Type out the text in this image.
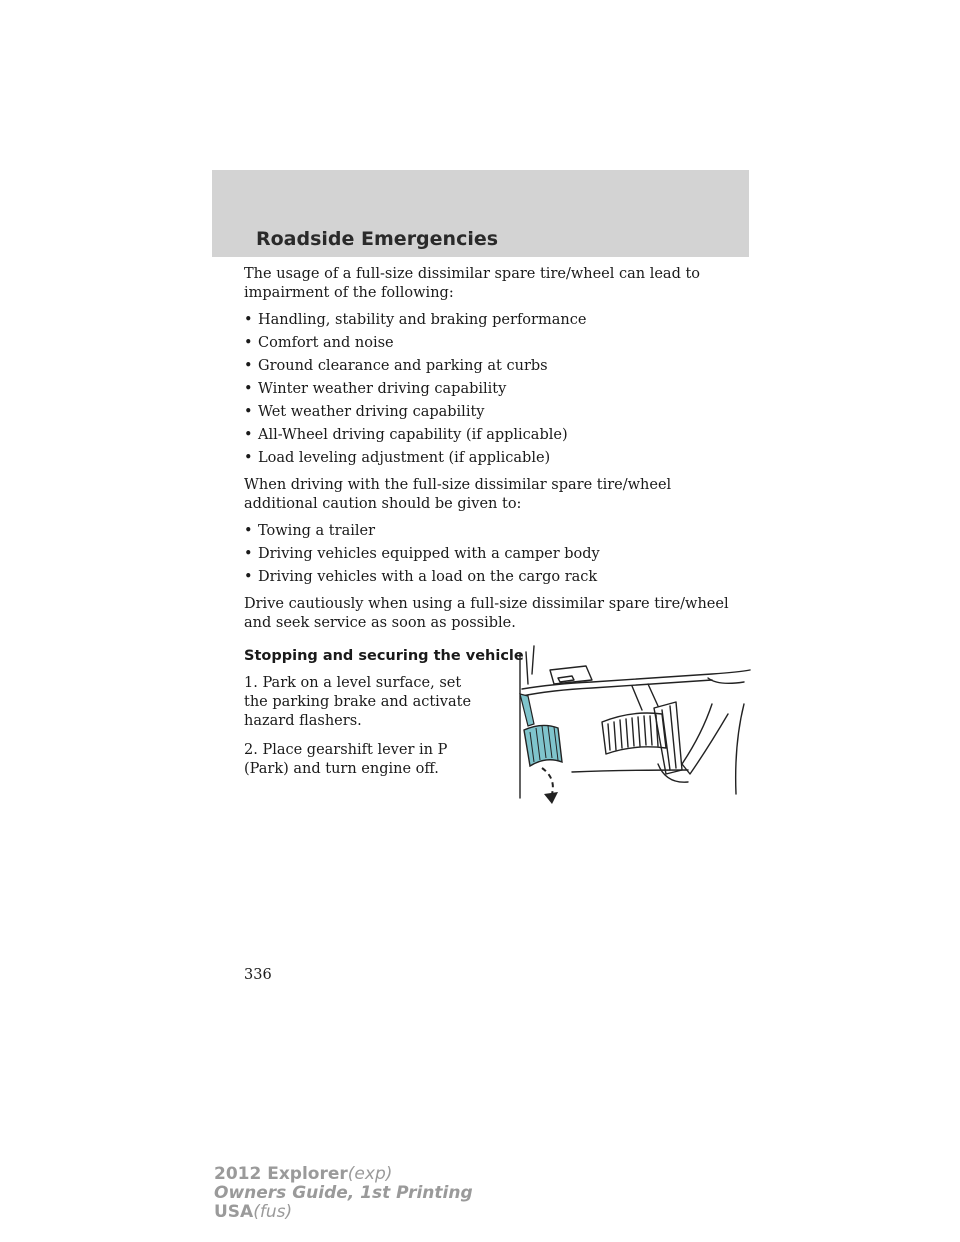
Roadside Emergencies

The usage of a full-size dissimilar spare tire/wheel can lead to impairment of the following:

• Handling, stability and braking performance
• Comfort and noise
• Ground clearance and parking at curbs
• Winter weather driving capability
• Wet weather driving capability
• All-Wheel driving capability (if applicable)
• Load leveling adjustment (if applicable)

When driving with the full-size dissimilar spare tire/wheel additional caution should be given to:

• Towing a trailer
• Driving vehicles equipped with a camper body
• Driving vehicles with a load on the cargo rack

Drive cautiously when using a full-size dissimilar spare tire/wheel and seek service as soon as possible.

Stopping and securing the vehicle

1. Park on a level surface, set the parking brake and activate hazard flashers.

2. Place gearshift lever in P (Park) and turn engine off.

336
2012 Explorer(exp)
Owners Guide, 1st Printing
USA(fus)
